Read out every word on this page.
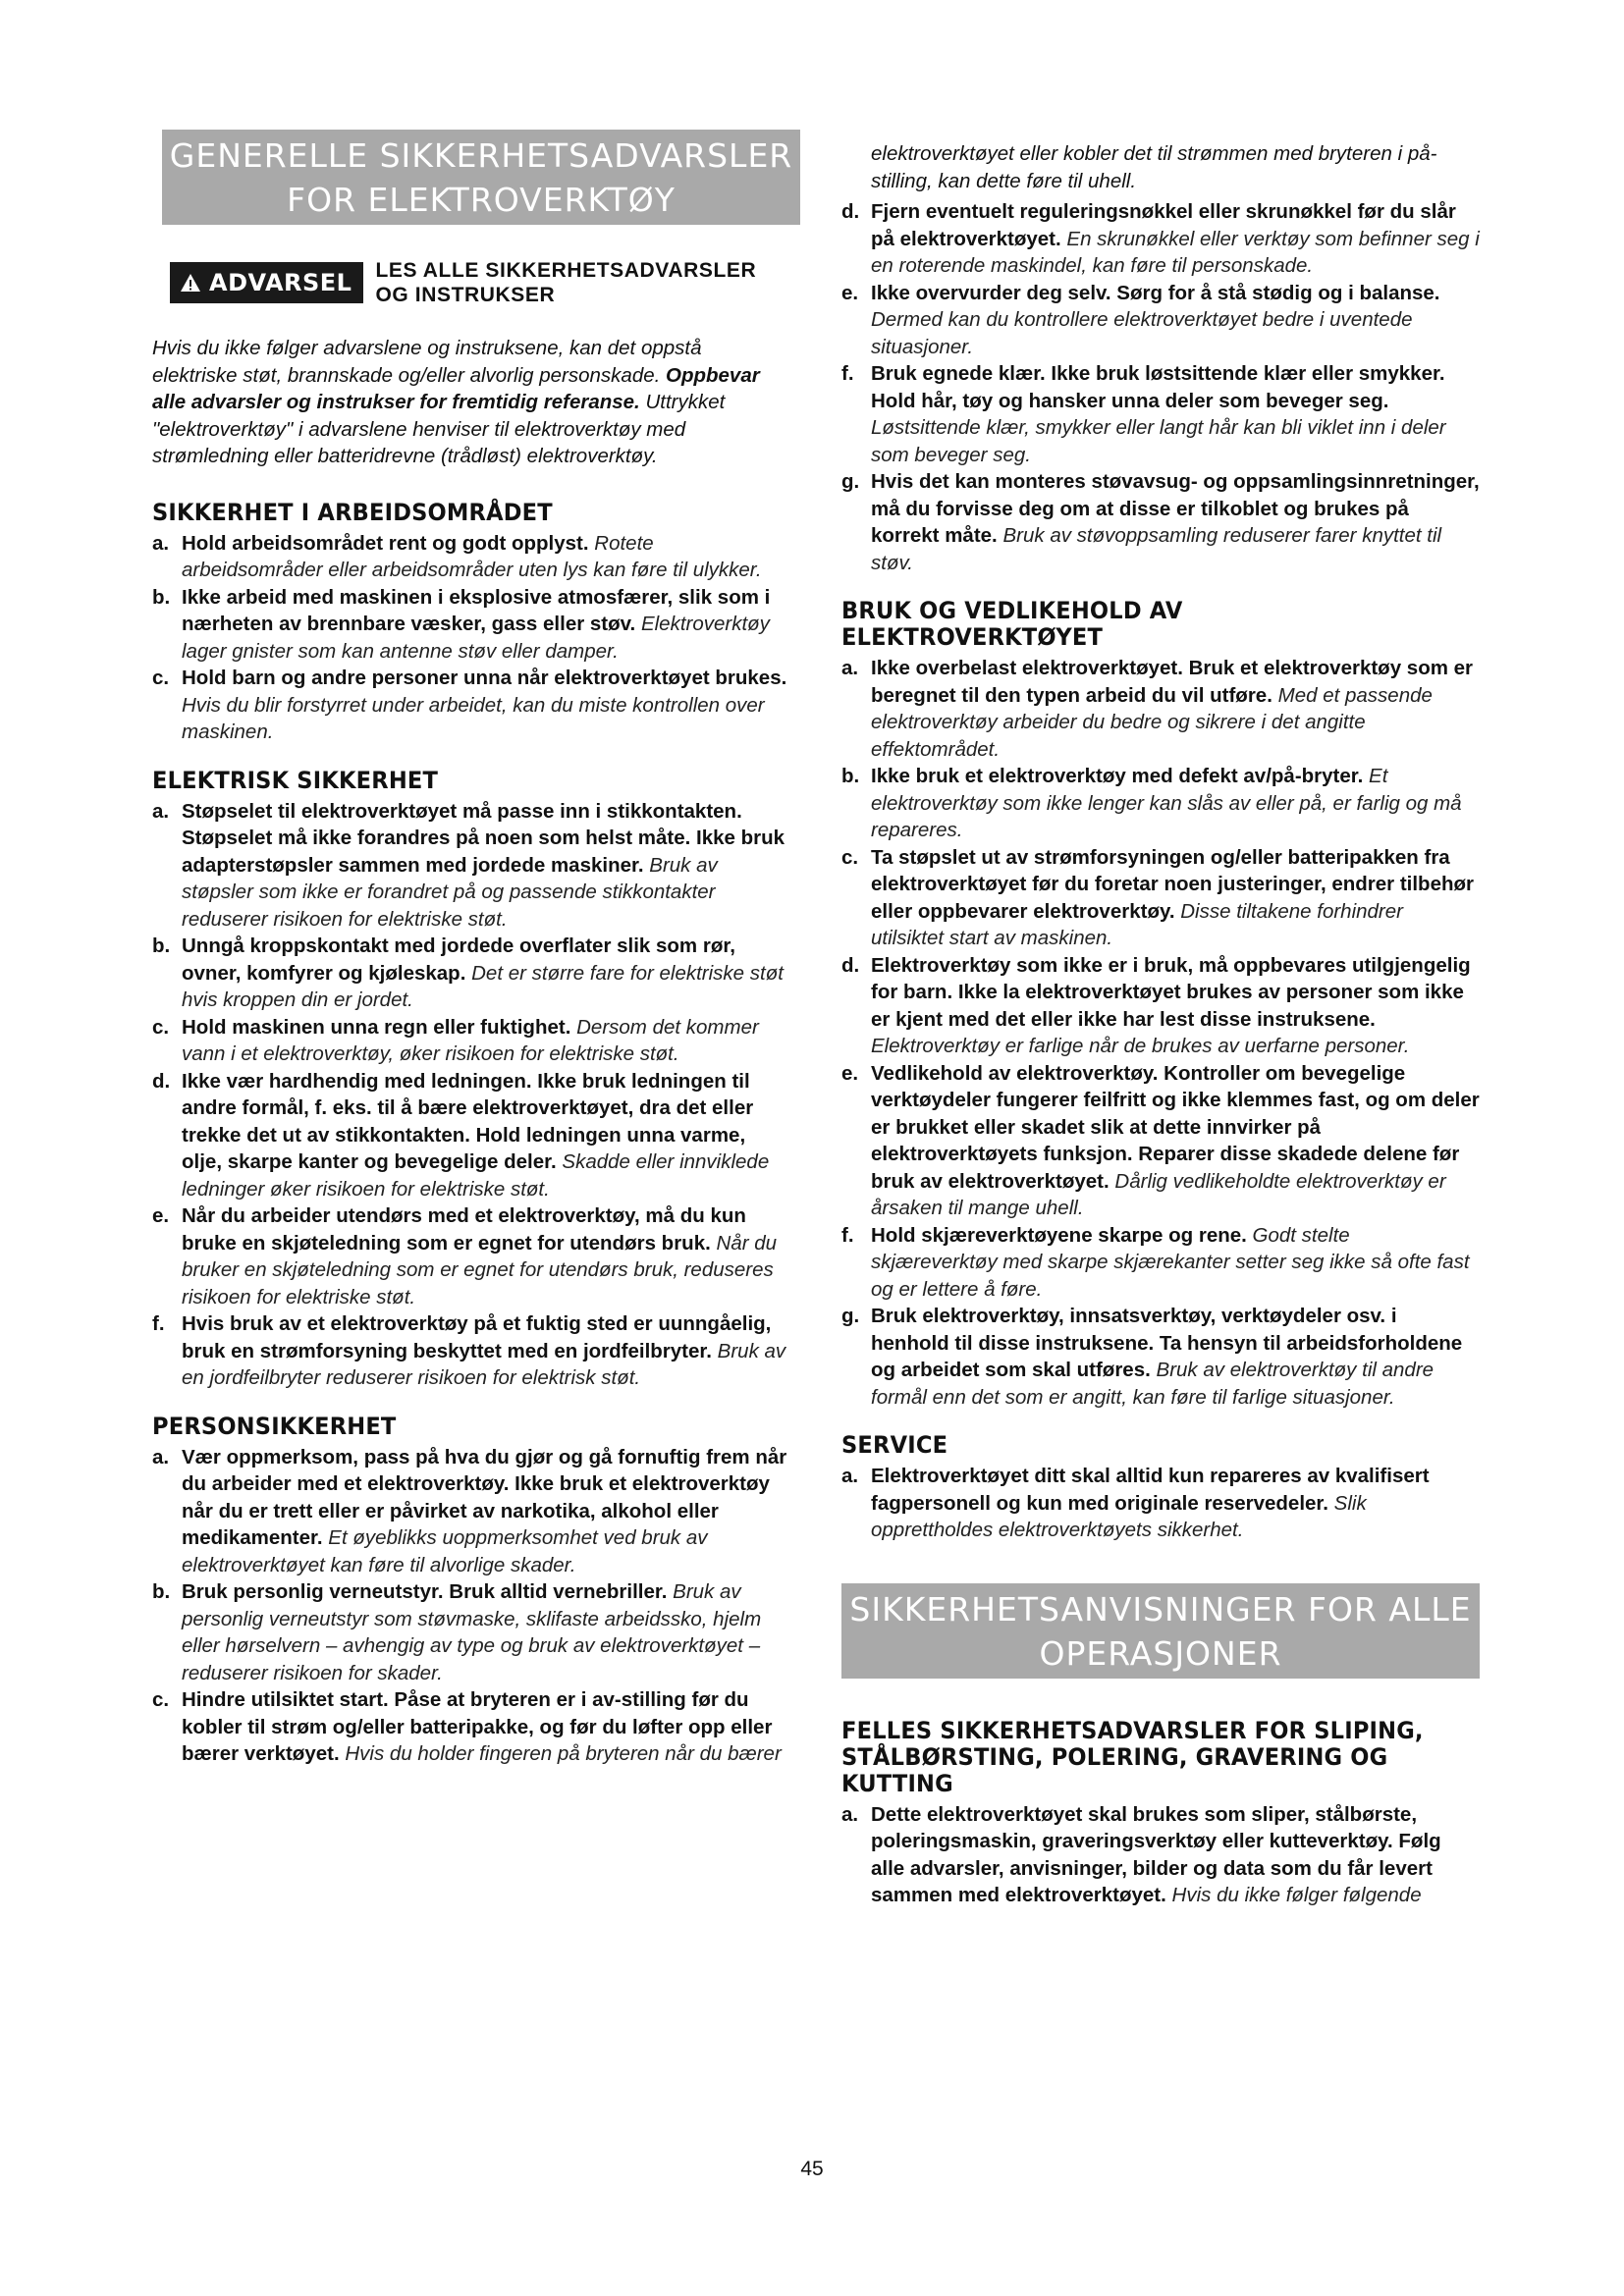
GENERELLE SIKKERHETSADVARSLER FOR ELEKTROVERKTØY
ADVARSEL LES ALLE SIKKERHETSADVARSLER OG INSTRUKSER

Hvis du ikke følger advarslene og instruksene, kan det oppstå elektriske støt, brannskade og/eller alvorlig personskade. Oppbevar alle advarsler og instrukser for fremtidig referanse. Uttrykket "elektroverktøy" i advarslene henviser til elektroverktøy med strømledning eller batteridrevne (trådløst) elektroverktøy.

SIKKERHET I ARBEIDSOMRÅDET
a. Hold arbeidsområdet rent og godt opplyst. Rotete arbeidsområder eller arbeidsområder uten lys kan føre til ulykker.
b. Ikke arbeid med maskinen i eksplosive atmosfærer, slik som i nærheten av brennbare væsker, gass eller støv. Elektroverktøy lager gnister som kan antenne støv eller damper.
c. Hold barn og andre personer unna når elektroverktøyet brukes. Hvis du blir forstyrret under arbeidet, kan du miste kontrollen over maskinen.
ELEKTRISK SIKKERHET
a. Støpselet til elektroverktøyet må passe inn i stikkontakten. Støpselet må ikke forandres på noen som helst måte. Ikke bruk adapterstøpsler sammen med jordede maskiner. Bruk av støpsler som ikke er forandret på og passende stikkontakter reduserer risikoen for elektriske støt.
b. Unngå kroppskontakt med jordede overflater slik som rør, ovner, komfyrer og kjøleskap. Det er større fare for elektriske støt hvis kroppen din er jordet.
c. Hold maskinen unna regn eller fuktighet. Dersom det kommer vann i et elektroverktøy, øker risikoen for elektriske støt.
d. Ikke vær hardhendig med ledningen. Ikke bruk ledningen til andre formål, f. eks. til å bære elektroverktøyet, dra det eller trekke det ut av stikkontakten. Hold ledningen unna varme, olje, skarpe kanter og bevegelige deler. Skadde eller innviklede ledninger øker risikoen for elektriske støt.
e. Når du arbeider utendørs med et elektroverktøy, må du kun bruke en skjøteledning som er egnet for utendørs bruk. Når du bruker en skjøteledning som er egnet for utendørs bruk, reduseres risikoen for elektriske støt.
f. Hvis bruk av et elektroverktøy på et fuktig sted er uunngåelig, bruk en strømforsyning beskyttet med en jordfeilbryter. Bruk av en jordfeilbryter reduserer risikoen for elektrisk støt.
PERSONSIKKERHET
a. Vær oppmerksom, pass på hva du gjør og gå fornuftig frem når du arbeider med et elektroverktøy. Ikke bruk et elektroverktøy når du er trett eller er påvirket av narkotika, alkohol eller medikamenter. Et øyeblikks uoppmerksomhet ved bruk av elektroverktøyet kan føre til alvorlige skader.
b. Bruk personlig verneutstyr. Bruk alltid vernebriller. Bruk av personlig verneutstyr som støvmaske, sklifaste arbeidssko, hjelm eller hørselvern – avhengig av type og bruk av elektroverktøyet – reduserer risikoen for skader.
c. Hindre utilsiktet start. Påse at bryteren er i av-stilling før du kobler til strøm og/eller batteripakke, og før du løfter opp eller bærer verktøyet. Hvis du holder fingeren på bryteren når du bærer

elektroverktøyet eller kobler det til strømmen med bryteren i på-stilling, kan dette føre til uhell.

d. Fjern eventuelt reguleringsnøkkel eller skrunøkkel før du slår på elektroverktøyet. En skrunøkkel eller verktøy som befinner seg i en roterende maskindel, kan føre til personskade.
e. Ikke overvurder deg selv. Sørg for å stå stødig og i balanse. Dermed kan du kontrollere elektroverktøyet bedre i uventede situasjoner.
f. Bruk egnede klær. Ikke bruk løstsittende klær eller smykker. Hold hår, tøy og hansker unna deler som beveger seg. Løstsittende klær, smykker eller langt hår kan bli viklet inn i deler som beveger seg.
g. Hvis det kan monteres støvavsug- og oppsamlingsinnretninger, må du forvisse deg om at disse er tilkoblet og brukes på korrekt måte. Bruk av støvoppsamling reduserer farer knyttet til støv.
BRUK OG VEDLIKEHOLD AV ELEKTROVERKTØYET
a. Ikke overbelast elektroverktøyet. Bruk et elektroverktøy som er beregnet til den typen arbeid du vil utføre. Med et passende elektroverktøy arbeider du bedre og sikrere i det angitte effektområdet.
b. Ikke bruk et elektroverktøy med defekt av/på-bryter. Et elektroverktøy som ikke lenger kan slås av eller på, er farlig og må repareres.
c. Ta støpslet ut av strømforsyningen og/eller batteripakken fra elektroverktøyet før du foretar noen justeringer, endrer tilbehør eller oppbevarer elektroverktøy. Disse tiltakene forhindrer utilsiktet start av maskinen.
d. Elektroverktøy som ikke er i bruk, må oppbevares utilgjengelig for barn. Ikke la elektroverktøyet brukes av personer som ikke er kjent med det eller ikke har lest disse instruksene. Elektroverktøy er farlige når de brukes av uerfarne personer.
e. Vedlikehold av elektroverktøy. Kontroller om bevegelige verktøydeler fungerer feilfritt og ikke klemmes fast, og om deler er brukket eller skadet slik at dette innvirker på elektroverktøyets funksjon. Reparer disse skadede delene før bruk av elektroverktøyet. Dårlig vedlikeholdte elektroverktøy er årsaken til mange uhell.
f. Hold skjæreverktøyene skarpe og rene. Godt stelte skjæreverktøy med skarpe skjærekanter setter seg ikke så ofte fast og er lettere å føre.
g. Bruk elektroverktøy, innsatsverktøy, verktøydeler osv. i henhold til disse instruksene. Ta hensyn til arbeidsforholdene og arbeidet som skal utføres. Bruk av elektroverktøy til andre formål enn det som er angitt, kan føre til farlige situasjoner.
SERVICE
a. Elektroverktøyet ditt skal alltid kun repareres av kvalifisert fagpersonell og kun med originale reservedeler. Slik opprettholdes elektroverktøyets sikkerhet.
SIKKERHETSANVISNINGER FOR ALLE OPERASJONER
FELLES SIKKERHETSADVARSLER FOR SLIPING, STÅLBØRSTING, POLERING, GRAVERING OG KUTTING
a. Dette elektroverktøyet skal brukes som sliper, stålbørste, poleringsmaskin, graveringsverktøy eller kutteverktøy. Følg alle advarsler, anvisninger, bilder og data som du får levert sammen med elektroverktøyet. Hvis du ikke følger følgende
45
